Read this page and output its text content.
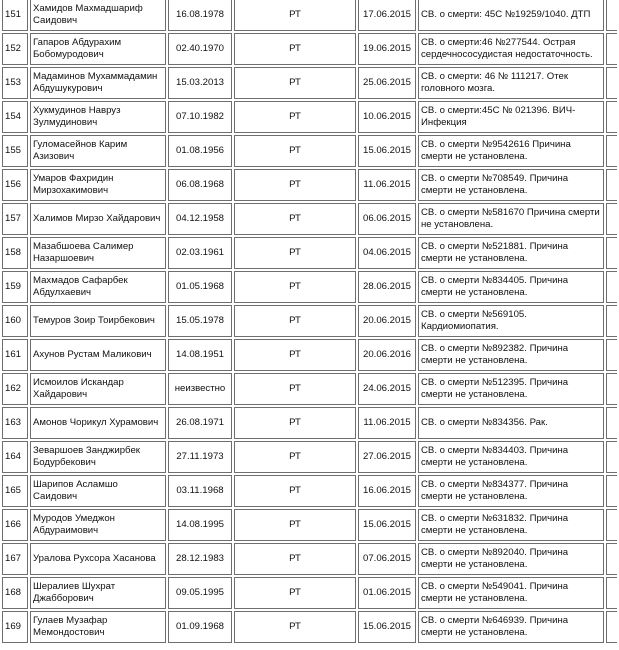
151	Хамидов Махмадшариф Саидович	16.08.1978	РТ	17.06.2015	СВ. о смерти: 45С №19259/1040. ДТП	
152	Гапаров Абдурахим Бобомуродович	02.40.1970	РТ	19.06.2015	СВ. о смерти:46 №277544. Острая сердечнососудистая недостаточность.	
153	Мадаминов Мухаммадамин Абдушукурович	15.03.2013	РТ	25.06.2015	СВ. о смерти: 46 № 111217. Отек головного мозга.	
154	Хукмудинов Навруз Зулмудинович	07.10.1982	РТ	10.06.2015	СВ. о смерти:45С № 021396. ВИЧ-Инфекция	
155	Гуломасейнов Карим Азизович	01.08.1956	РТ	15.06.2015	СВ. о смерти №9542616 Причина смерти не установлена.	
156	Умаров Фахридин Мирзохакимович	06.08.1968	РТ	11.06.2015	СВ. о смерти №708549. Причина смерти не установлена.	
157	Халимов Мирзо Хайдарович	04.12.1958	РТ	06.06.2015	СВ. о смерти №581670 Причина смерти не установлена.	
158	Мазабшоева Салимер Назаршоевич	02.03.1961	РТ	04.06.2015	СВ. о смерти №521881. Причина смерти не установлена.	
159	Махмадов Сафарбек Абдулхаевич	01.05.1968	РТ	28.06.2015	СВ. о смерти №834405. Причина смерти не установлена.	
160	Темуров Зоир Тоирбекович	15.05.1978	РТ	20.06.2015	СВ. о смерти №569105. Кардиомиопатия.	
161	Ахунов Рустам Маликович	14.08.1951	РТ	20.06.2016	СВ. о смерти №892382. Причина смерти не установлена.	
162	Исмоилов Искандар Хайдарович	неизвестно	РТ	24.06.2015	СВ. о смерти №512395. Причина смерти не установлена.	
163	Амонов Чорикул Хурамович	26.08.1971	РТ	11.06.2015	СВ. о смерти №834356. Рак.	
164	Зеваршоев Занджирбек Бодурбекович	27.11.1973	РТ	27.06.2015	СВ. о смерти №834403. Причина смерти не установлена.	
165	Шарипов Асламшо Саидович	03.11.1968	РТ	16.06.2015	СВ. о смерти №834377. Причина смерти не установлена.	
166	Муродов Умеджон Абдураимович	14.08.1995	РТ	15.06.2015	СВ. о смерти №631832. Причина смерти не установлена.	
167	Уралова Рухсора Хасановa	28.12.1983	РТ	07.06.2015	СВ. о смерти №892040. Причина смерти не установлена.	
168	Шералиев Шухрат Джабборович	09.05.1995	РТ	01.06.2015	СВ. о смерти №549041. Причина смерти не установлена.	
169	Гулаев Музафар Мемондостович	01.09.1968	РТ	15.06.2015	СВ. о смерти №646939. Причина смерти не установлена.	
